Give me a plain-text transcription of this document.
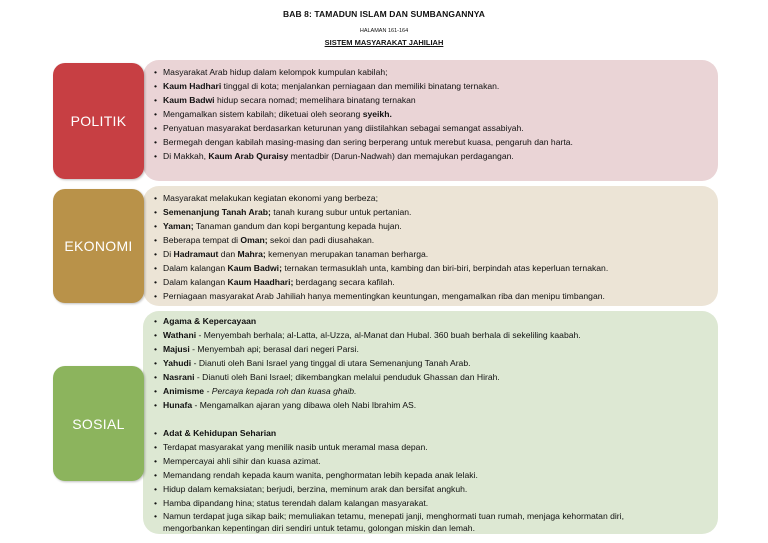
BAB 8: TAMADUN ISLAM DAN SUMBANGANNYA
HALAMAN 161-164
SISTEM MASYARAKAT JAHILIAH
• Masyarakat Arab hidup dalam kelompok kumpulan kabilah;
• Kaum Hadhari tinggal di kota; menjalankan perniagaan dan memiliki binatang ternakan.
• Kaum Badwi hidup secara nomad; memelihara binatang ternakan
• Mengamalkan sistem kabilah; diketuai oleh seorang syeikh.
• Penyatuan masyarakat berdasarkan keturunan yang diistilahkan sebagai semangat assabiyah.
• Bermegah dengan kabilah masing-masing dan sering berperang untuk merebut kuasa, pengaruh dan harta.
• Di Makkah, Kaum Arab Quraisy mentadbir (Darun-Nadwah) dan memajukan perdagangan.
POLITIK
• Masyarakat melakukan kegiatan ekonomi yang berbeza;
• Semenanjung Tanah Arab; tanah kurang subur untuk pertanian.
• Yaman; Tanaman gandum dan kopi bergantung kepada hujan.
• Beberapa tempat di Oman; sekoi dan padi diusahakan.
• Di Hadramaut dan Mahra; kemenyan merupakan tanaman berharga.
• Dalam kalangan Kaum Badwi; ternakan termasuklah unta, kambing dan biri-biri, berpindah atas keperluan ternakan.
• Dalam kalangan Kaum Haadhari; berdagang secara kafilah.
• Perniagaan masyarakat Arab Jahiliah hanya mementingkan keuntungan, mengamalkan riba dan menipu timbangan.
EKONOMI
• Agama & Kepercayaan
• Wathani - Menyembah berhala; al-Latta, al-Uzza, al-Manat dan Hubal. 360 buah berhala di sekeliling kaabah.
• Majusi - Menyembah api; berasal dari negeri Parsi.
• Yahudi - Dianuti oleh Bani Israel yang tinggal di utara Semenanjung Tanah Arab.
• Nasrani - Dianuti oleh Bani Israel; dikembangkan melalui penduduk Ghassan dan Hirah.
• Animisme - Percaya kepada roh dan kuasa ghaib.
• Hunafa - Mengamalkan ajaran yang dibawa oleh Nabi Ibrahim AS.

• Adat & Kehidupan Seharian
• Terdapat masyarakat yang menilik nasib untuk meramal masa depan.
• Mempercayai ahli sihir dan kuasa azimat.
• Memandang rendah kepada kaum wanita, penghormatan lebih kepada anak lelaki.
• Hidup dalam kemaksiatan; berjudi, berzina, meminum arak dan bersifat angkuh.
• Hamba dipandang hina; status terendah dalam kalangan masyarakat.
• Namun terdapat juga sikap baik; memuliakan tetamu, menepati janji, menghormati tuan rumah, menjaga kehormatan diri, mengorbankan kepentingan diri sendiri untuk tetamu, golongan miskin dan lemah.
SOSIAL
